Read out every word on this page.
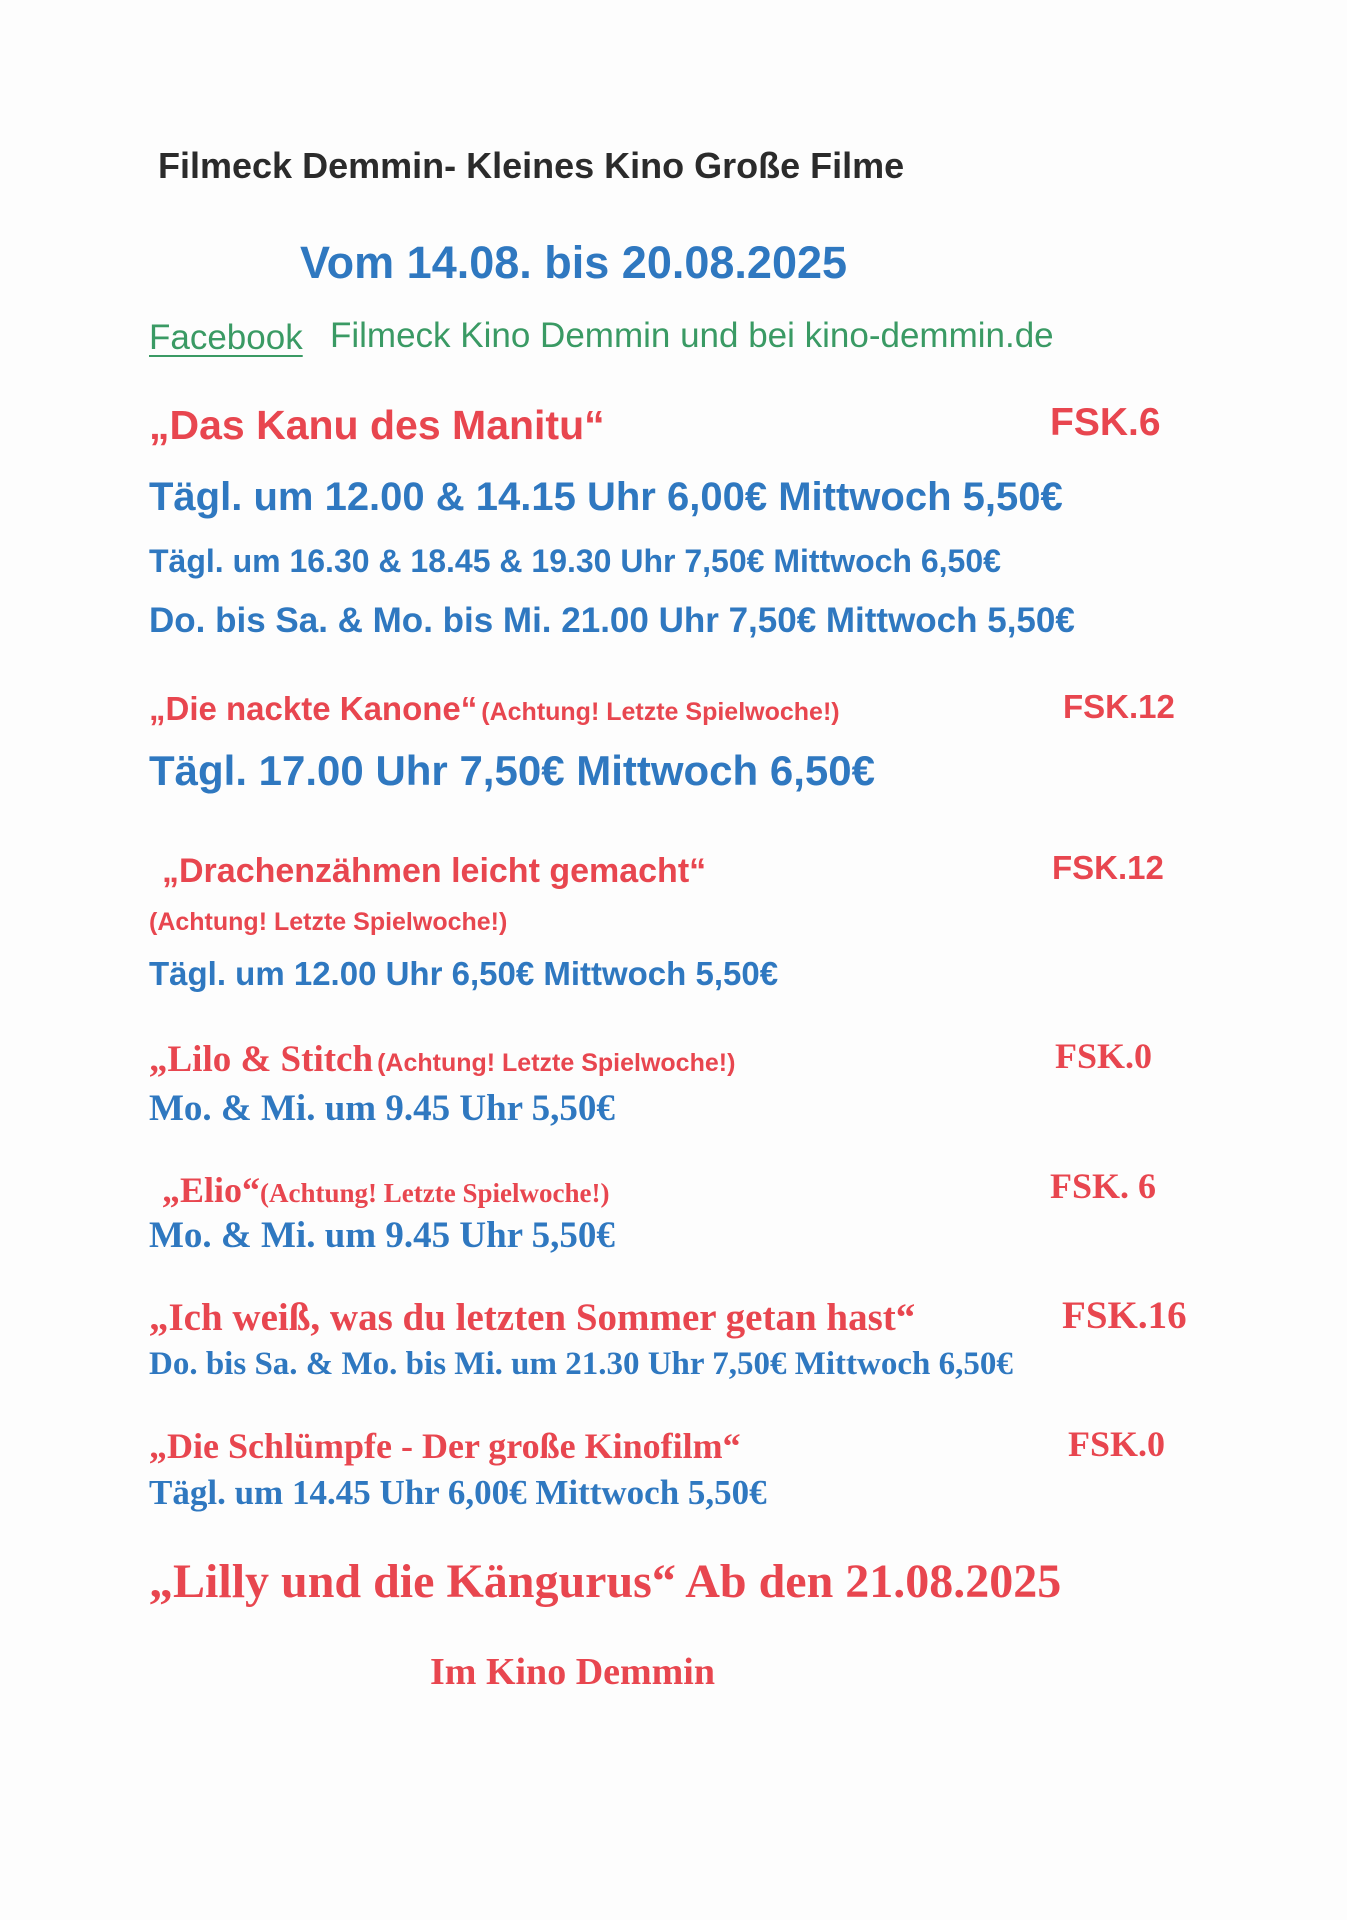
Filmeck Demmin- Kleines Kino Große Filme
Vom 14.08. bis 20.08.2025
Facebook Filmeck Kino Demmin und bei kino-demmin.de
„Das Kanu des Manitu“	FSK.6
Tägl. um 12.00 & 14.15 Uhr 6,00€ Mittwoch 5,50€
Tägl. um 16.30 & 18.45 & 19.30 Uhr 7,50€ Mittwoch 6,50€
Do. bis Sa. & Mo. bis Mi. 21.00 Uhr 7,50€ Mittwoch 5,50€
„Die nackte Kanone“ (Achtung! Letzte Spielwoche!)	FSK.12
Tägl. 17.00 Uhr 7,50€ Mittwoch 6,50€
„Drachenzähmen leicht gemacht“	FSK.12
(Achtung! Letzte Spielwoche!)
Tägl. um 12.00 Uhr 6,50€ Mittwoch 5,50€
„Lilo & Stitch (Achtung! Letzte Spielwoche!)	FSK.0
Mo. & Mi. um 9.45 Uhr 5,50€
„Elio“(Achtung! Letzte Spielwoche!)	FSK. 6
Mo. & Mi. um 9.45 Uhr 5,50€
„Ich weiß, was du letzten Sommer getan hast“	FSK.16
Do. bis Sa. & Mo. bis Mi. um 21.30 Uhr 7,50€ Mittwoch 6,50€
„Die Schlümpfe - Der große Kinofilm“	FSK.0
Tägl. um 14.45 Uhr 6,00€ Mittwoch 5,50€
„Lilly und die Kängurus“ Ab den 21.08.2025
Im Kino Demmin
